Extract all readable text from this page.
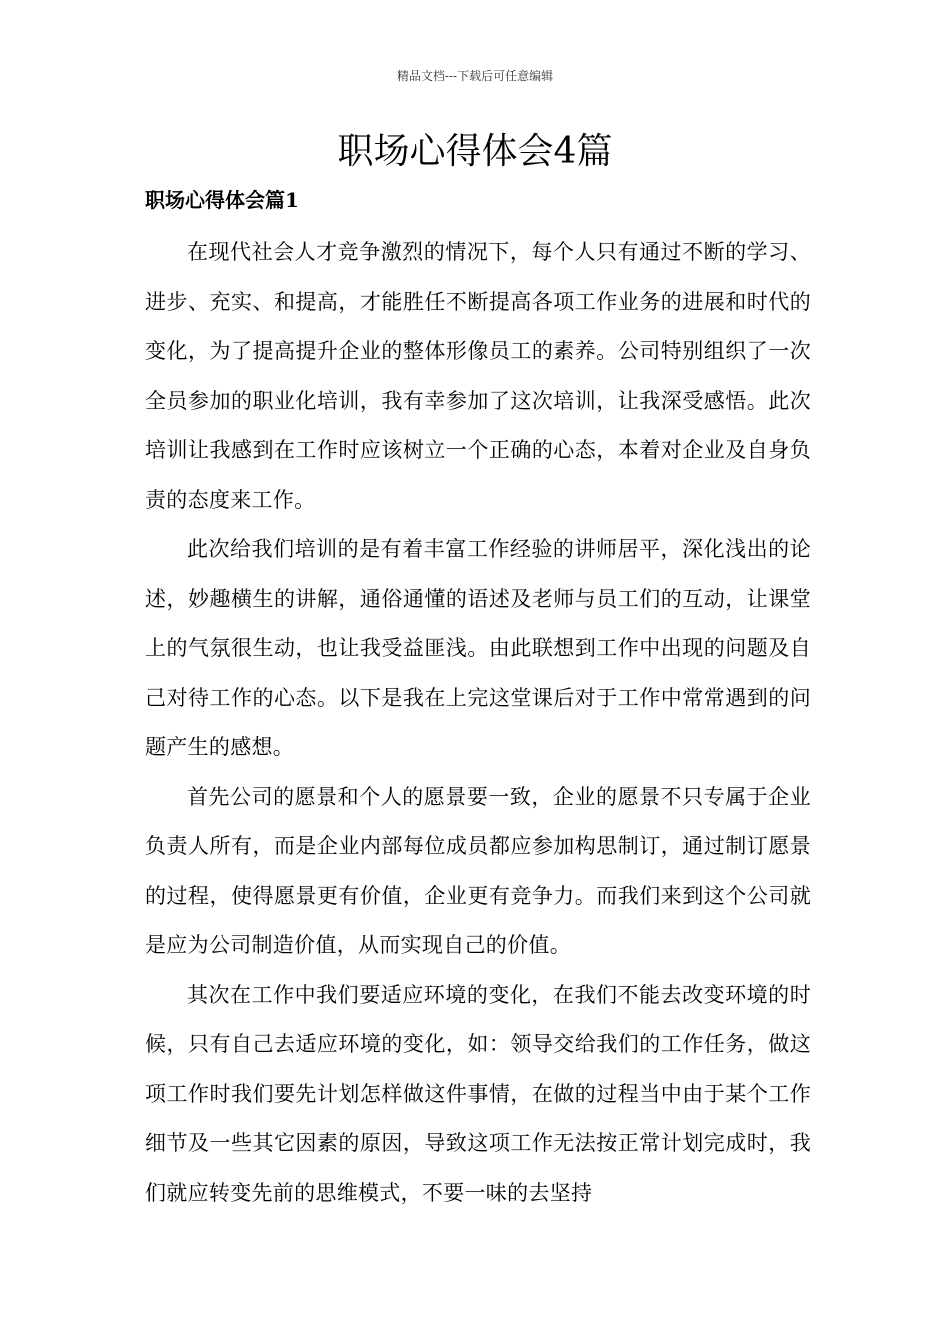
精品文档---下载后可任意编辑
职场心得体会4篇
职场心得体会篇1

在现代社会人才竞争激烈的情况下，每个人只有通过不断的学习、进步、充实、和提高，才能胜任不断提高各项工作业务的进展和时代的变化，为了提高提升企业的整体形像员工的素养。公司特别组织了一次全员参加的职业化培训，我有幸参加了这次培训，让我深受感悟。此次培训让我感到在工作时应该树立一个正确的心态，本着对企业及自身负责的态度来工作。

此次给我们培训的是有着丰富工作经验的讲师居平，深化浅出的论述，妙趣横生的讲解，通俗通懂的语述及老师与员工们的互动，让课堂上的气氛很生动，也让我受益匪浅。由此联想到工作中出现的问题及自己对待工作的心态。以下是我在上完这堂课后对于工作中常常遇到的问题产生的感想。

首先公司的愿景和个人的愿景要一致，企业的愿景不只专属于企业负责人所有，而是企业内部每位成员都应参加构思制订，通过制订愿景的过程，使得愿景更有价值，企业更有竞争力。而我们来到这个公司就是应为公司制造价值，从而实现自己的价值。

其次在工作中我们要适应环境的变化，在我们不能去改变环境的时候，只有自己去适应环境的变化，如：领导交给我们的工作任务，做这项工作时我们要先计划怎样做这件事情，在做的过程当中由于某个工作细节及一些其它因素的原因，导致这项工作无法按正常计划完成时，我们就应转变先前的思维模式，不要一味的去坚持
